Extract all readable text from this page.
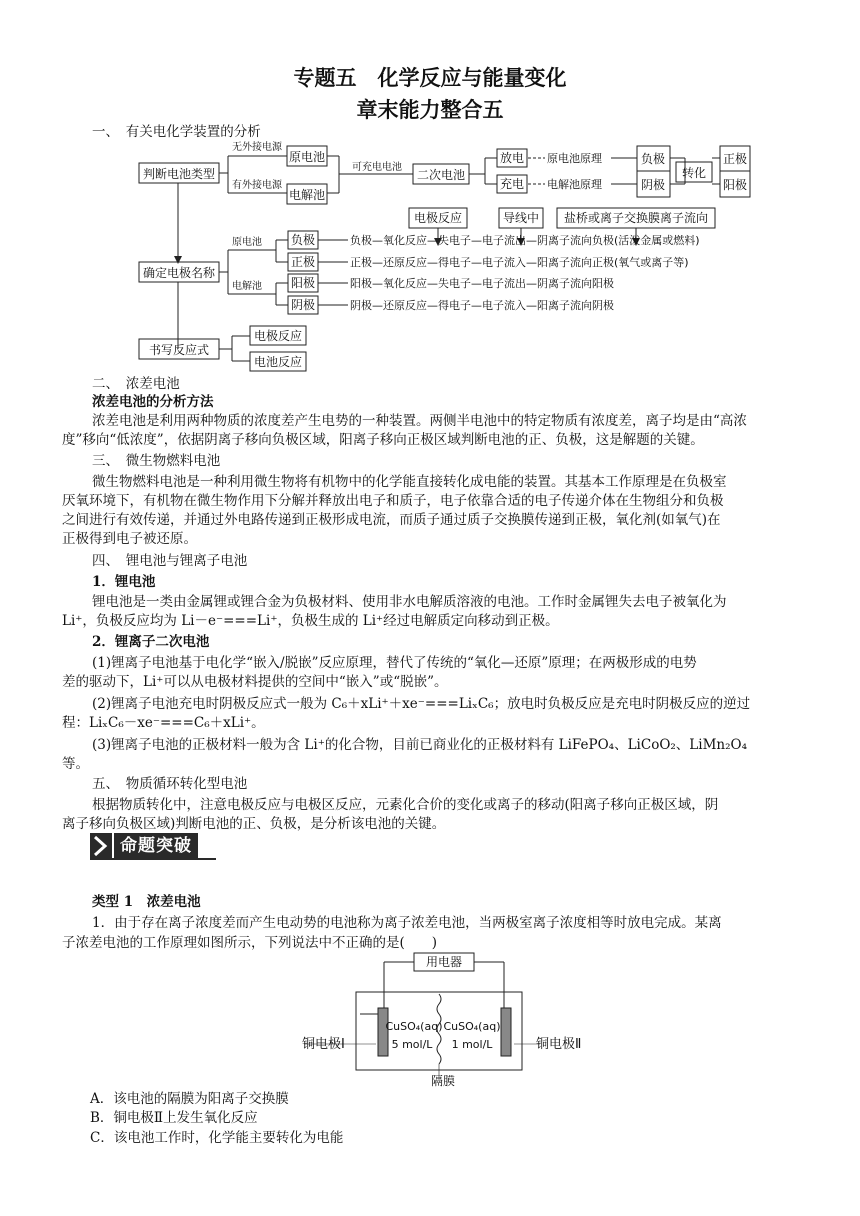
专题五　化学反应与能量变化
章末能力整合五
一、　有关电化学装置的分析
判断电池类型
无外接电源
有外接电源
原电池
电解池
可充电电池
二次电池
放电
充电
原电池原理
电解池原理
负极
阴极
转化
正极
阳极
确定电极名称
原电池
电解池
负极
正极
阳极
阴极
电极反应	导线中 盐桥或离子交换膜离子流向
负极—氧化反应—失电子—电子流出—阴离子流向负极(活泼金属或燃料)
正极—还原反应—得电子—电子流入—阳离子流向正极(氧气或离子等)
阳极—氧化反应—失电子—电子流出—阴离子流向阳极
阴极—还原反应—得电子—电子流入—阳离子流向阴极
书写反应式
电极反应
电池反应
二、　浓差电池
浓差电池的分析方法
浓差电池是利用两种物质的浓度差产生电势的一种装置。两侧半电池中的特定物质有浓度差，离子均是由“高浓
度”移向“低浓度”，依据阴离子移向负极区域，阳离子移向正极区域判断电池的正、负极，这是解题的关键。
三、　微生物燃料电池
微生物燃料电池是一种利用微生物将有机物中的化学能直接转化成电能的装置。其基本工作原理是在负极室
厌氧环境下，有机物在微生物作用下分解并释放出电子和质子，电子依靠合适的电子传递介体在生物组分和负极
之间进行有效传递，并通过外电路传递到正极形成电流，而质子通过质子交换膜传递到正极，氧化剂(如氧气)在
正极得到电子被还原。
四、　锂电池与锂离子电池
1．锂电池
锂电池是一类由金属锂或锂合金为负极材料、使用非水电解质溶液的电池。工作时金属锂失去电子被氧化为
Li⁺，负极反应均为 Li－e⁻===Li⁺，负极生成的 Li⁺经过电解质定向移动到正极。
2．锂离子二次电池
(1)锂离子电池基于电化学“嵌入/脱嵌”反应原理，替代了传统的“氧化—还原”原理；在两极形成的电势
差的驱动下，Li⁺可以从电极材料提供的空间中“嵌入”或“脱嵌”。
(2)锂离子电池充电时阴极反应式一般为 C₆＋xLi⁺＋xe⁻===LiₓC₆；放电时负极反应是充电时阴极反应的逆过
程：LiₓC₆－xe⁻===C₆＋xLi⁺。
(3)锂离子电池的正极材料一般为含 Li⁺的化合物，目前已商业化的正极材料有 LiFePO₄、LiCoO₂、LiMn₂O₄
等。
五、　物质循环转化型电池
根据物质转化中，注意电极反应与电极区反应，元素化合价的变化或离子的移动(阳离子移向正极区域，阴
离子移向负极区域)判断电池的正、负极，是分析该电池的关键。
命题突破
类型 1　浓差电池
1．由于存在离子浓度差而产生电动势的电池称为离子浓差电池，当两极室离子浓度相等时放电完成。某离
子浓差电池的工作原理如图所示，下列说法中不正确的是(　　)
用电器
CuSO₄(aq)
5 mol/L
CuSO₄(aq)
1 mol/L
铜电极Ⅰ	铜电极Ⅱ
隔膜
A．该电池的隔膜为阳离子交换膜
B．铜电极Ⅱ上发生氧化反应
C．该电池工作时，化学能主要转化为电能
